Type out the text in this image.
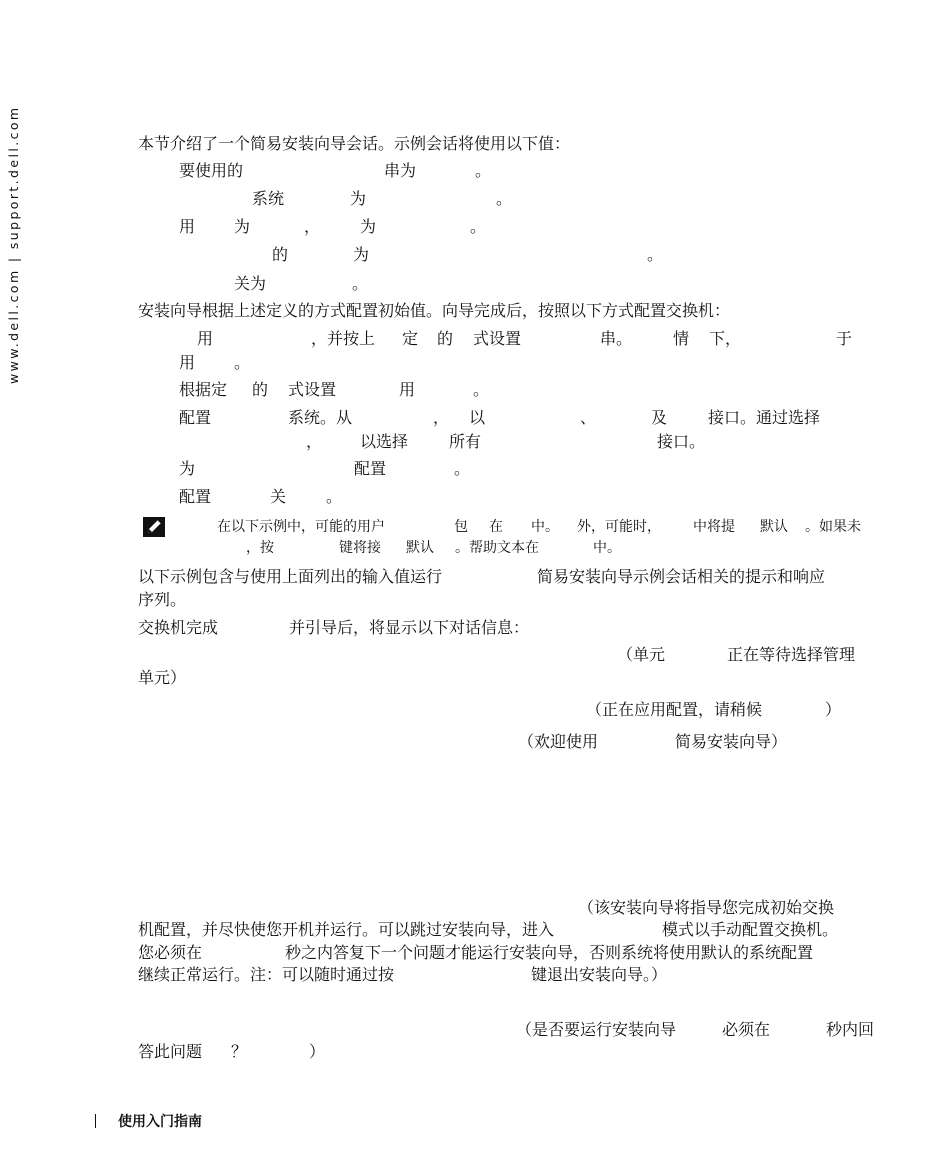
www.dell.com | support.dell.com	本节介绍了一个简易安装向导会话。示例会话将使用以下值：
要使用的	串为	。
系统	为	。
用 为	， 为	。
的	为	。
关为	。
安装向导根据上述定义的方式配置初始值。向导完成后，按照以下方式配置交换机：
用	，并按上 定 的 式设置	串。	情 下，	于
用 。
根据定 的 式设置	用	。
配置	系统。从	， 以	、	及	接口。通过选择
， 以选择	所有	接口。
为	配置	。
配置	关 。
在以下示例中，可能的用户	包 在 中。 外，可能时， 中将提 默认 。如果未
，按	键将接 默认 。帮助文本在	中。
以下示例包含与使用上面列出的输入值运行	简易安装向导示例会话相关的提示和响应
序列。
交换机完成	并引导后，将显示以下对话信息：
（单元	正在等待选择管理
单元）
（正在应用配置，请稍候	）
（欢迎使用	简易安装向导）
（该安装向导将指导您完成初始交换
机配置，并尽快使您开机并运行。可以跳过安装向导，进入	模式以手动配置交换机。
您必须在	秒之内答复下一个问题才能运行安装向导，否则系统将使用默认的系统配置
继续正常运行。注：可以随时通过按	键退出安装向导。）
（是否要运行安装向导	必须在	秒内回
答此问题 ？	）
使用入门指南
